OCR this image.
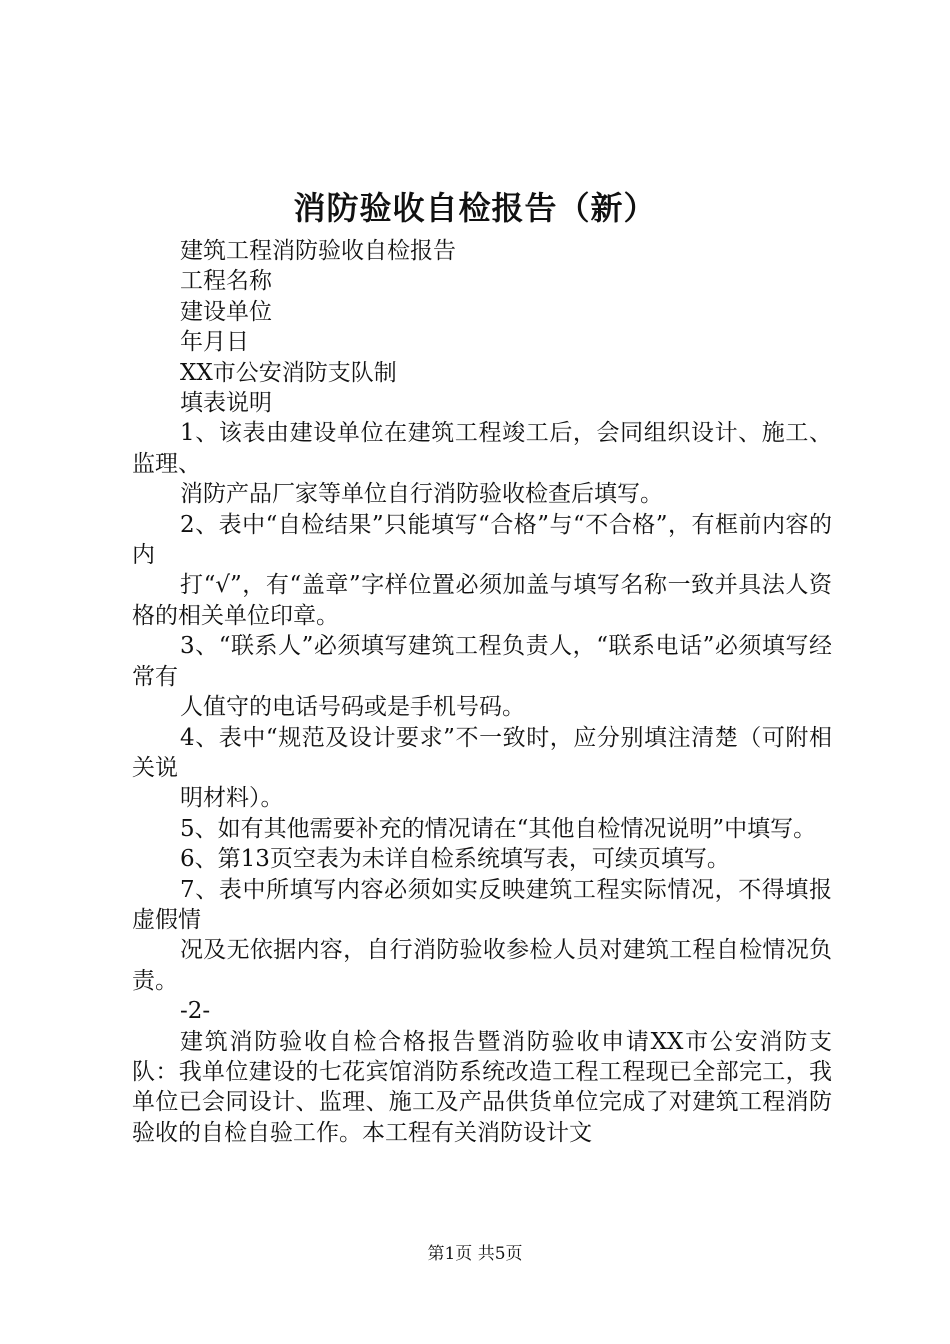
消防验收自检报告（新）

建筑工程消防验收自检报告

工程名称

建设单位

年月日

XX市公安消防支队制

填表说明

1、该表由建设单位在建筑工程竣工后，会同组织设计、施工、监理、

消防产品厂家等单位自行消防验收检查后填写。

2、表中“自检结果”只能填写“合格”与“不合格”，有框前内容的内

打“√”，有“盖章”字样位置必须加盖与填写名称一致并具法人资格的相关单位印章。

3、“联系人”必须填写建筑工程负责人，“联系电话”必须填写经常有

人值守的电话号码或是手机号码。

4、表中“规范及设计要求”不一致时，应分别填注清楚（可附相关说

明材料）。

5、如有其他需要补充的情况请在“其他自检情况说明”中填写。

6、第13页空表为未详自检系统填写表，可续页填写。

7、表中所填写内容必须如实反映建筑工程实际情况，不得填报虚假情

况及无依据内容，自行消防验收参检人员对建筑工程自检情况负责。

-2-

建筑消防验收自检合格报告暨消防验收申请XX市公安消防支队：我单位建设的七花宾馆消防系统改造工程工程现已全部完工，我单位已会同设计、监理、施工及产品供货单位完成了对建筑工程消防验收的自检自验工作。本工程有关消防设计文

第1页 共5页
